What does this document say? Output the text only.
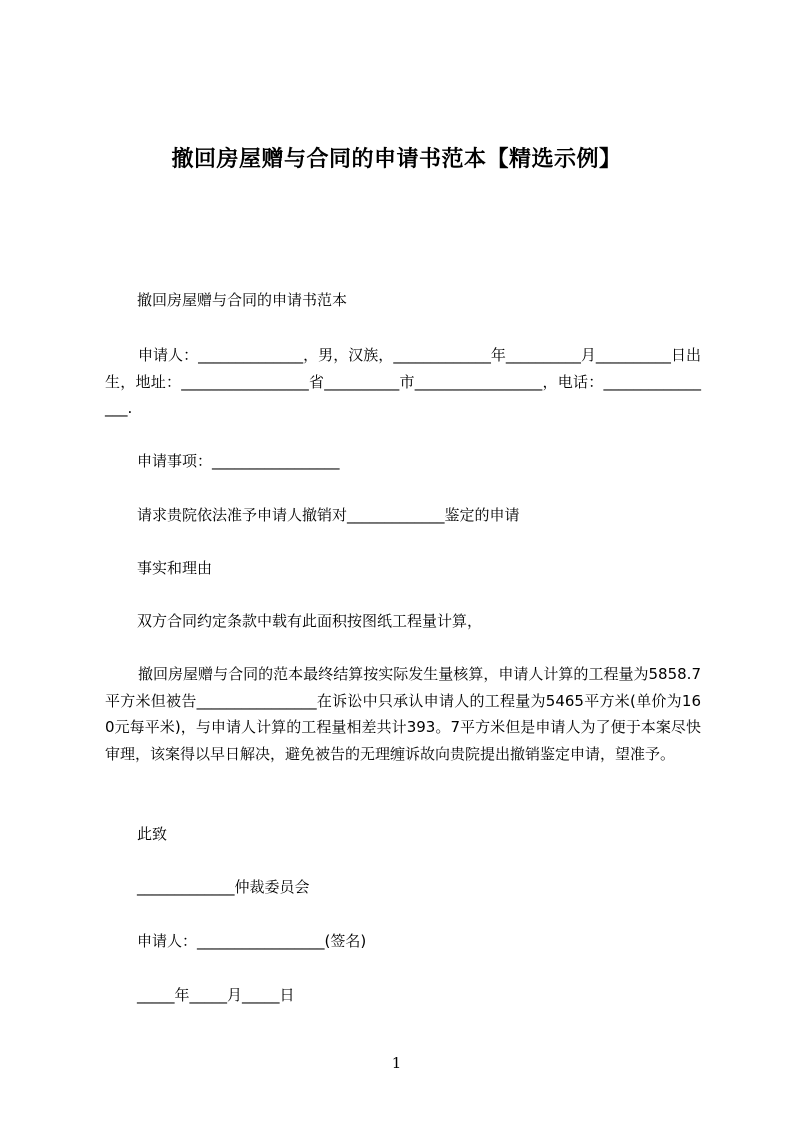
撤回房屋赠与合同的申请书范本【精选示例】
撤回房屋赠与合同的申请书范本
申请人：______________，男，汉族，_____________年__________月__________日出生，地址：_________________省__________市_________________，电话：________________.
申请事项：_________________
请求贵院依法准予申请人撤销对_____________鉴定的申请
事实和理由
双方合同约定条款中载有此面积按图纸工程量计算，
撤回房屋赠与合同的范本最终结算按实际发生量核算，申请人计算的工程量为5858.7平方米但被告________________在诉讼中只承认申请人的工程量为5465平方米(单价为160元每平米)，与申请人计算的工程量相差共计393。7平方米但是申请人为了便于本案尽快审理，该案得以早日解决，避免被告的无理缠诉故向贵院提出撤销鉴定申请，望准予。
此致
_____________仲裁委员会
申请人：_________________(签名)
_____年_____月_____日
1
